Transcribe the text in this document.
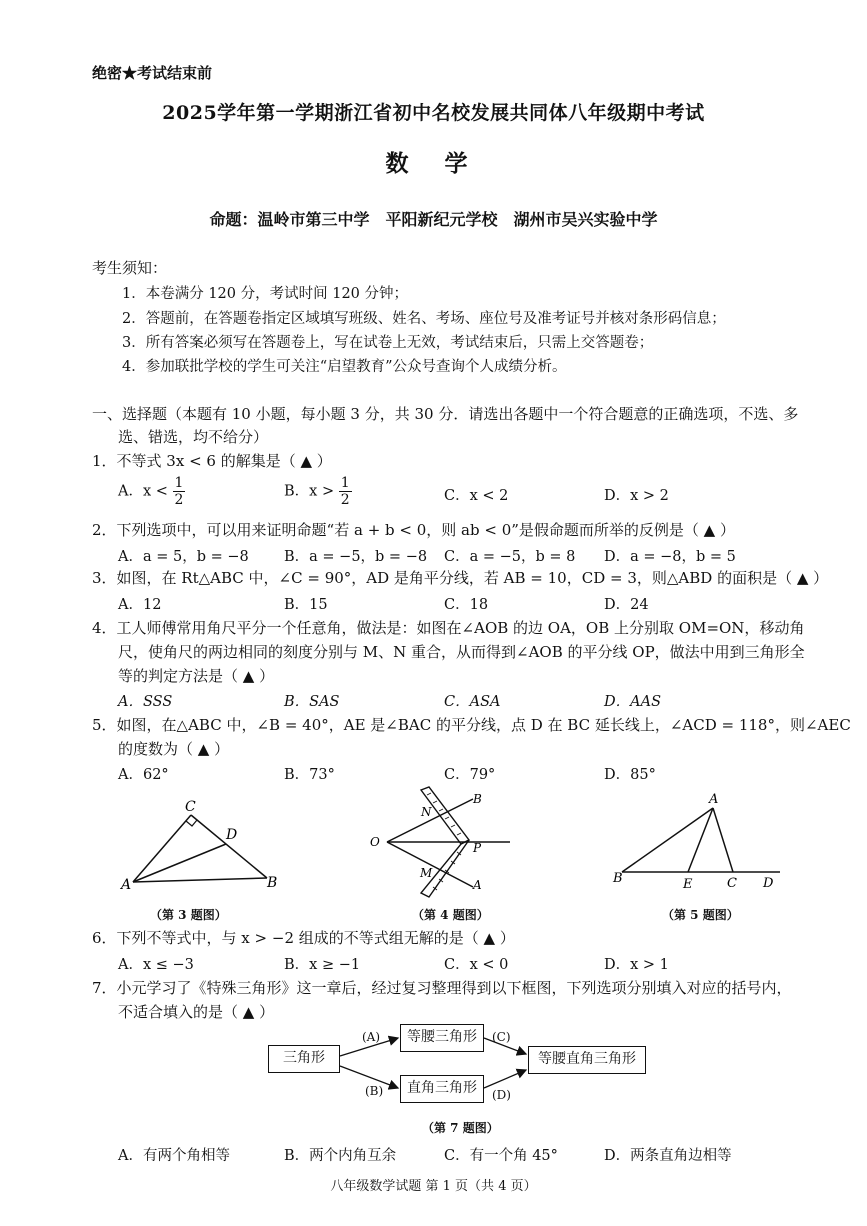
绝密★考试结束前
2025学年第一学期浙江省初中名校发展共同体八年级期中考试
数 学
命题：温岭市第三中学　平阳新纪元学校　湖州市吴兴实验中学
考生须知：
1．本卷满分 120 分，考试时间 120 分钟；
2．答题前，在答题卷指定区域填写班级、姓名、考场、座位号及准考证号并核对条形码信息；
3．所有答案必须写在答题卷上，写在试卷上无效，考试结束后，只需上交答题卷；
4．参加联批学校的学生可关注“启望教育”公众号查询个人成绩分析。
一、选择题（本题有 10 小题，每小题 3 分，共 30 分．请选出各题中一个符合题意的正确选项，不选、多
选、错选，均不给分）
1．不等式 3x < 6 的解集是（ ▲ ）
A．$x < \frac{1}{2}$	B．$x > \frac{1}{2}$	C．x < 2	D．x > 2
2．下列选项中，可以用来证明命题“若 a + b < 0，则 ab < 0”是假命题而所举的反例是（ ▲ ）
A．a = 5，b = −8 B．a = −5，b = −8 C．a = −5，b = 8 D．a = −8，b = 5
3．如图，在 Rt△ABC 中，∠C = 90°，AD 是角平分线，若 AB = 10，CD = 3，则△ABD 的面积是（ ▲ ）
A．12	B．15	C．18	D．24
4．工人师傅常用角尺平分一个任意角，做法是：如图在∠AOB 的边 OA，OB 上分别取 OM=ON，移动角
尺，使角尺的两边相同的刻度分别与 M、N 重合，从而得到∠AOB 的平分线 OP，做法中用到三角形全
等的判定方法是（ ▲ ）
A．SSS	B．SAS	C．ASA	D．AAS
5．如图，在△ABC 中，∠B = 40°，AE 是∠BAC 的平分线，点 D 在 BC 延长线上，∠ACD = 118°，则∠AEC
的度数为（ ▲ ）
A．62°	B．73°	C．79°	D．85°
C
D
A	B
（第 3 题图）
N
B
O	P
M
A
（第 4 题图）
A
B	E	C D
（第 5 题图）
6．下列不等式中，与 x > −2 组成的不等式组无解的是（ ▲ ）
A．x ≤ −3	B．x ≥ −1	C．x < 0	D．x > 1
7．小元学习了《特殊三角形》这一章后，经过复习整理得到以下框图，下列选项分别填入对应的括号内，
不适合填入的是（ ▲ ）
三角形
等腰三角形
直角三角形
等腰直角三角形
(A)
(B)
(C)
(D)
（第 7 题图）
A．有两个角相等	B．两个内角互余	C．有一个角 45°	D．两条直角边相等
八年级数学试题 第 1 页（共 4 页）
